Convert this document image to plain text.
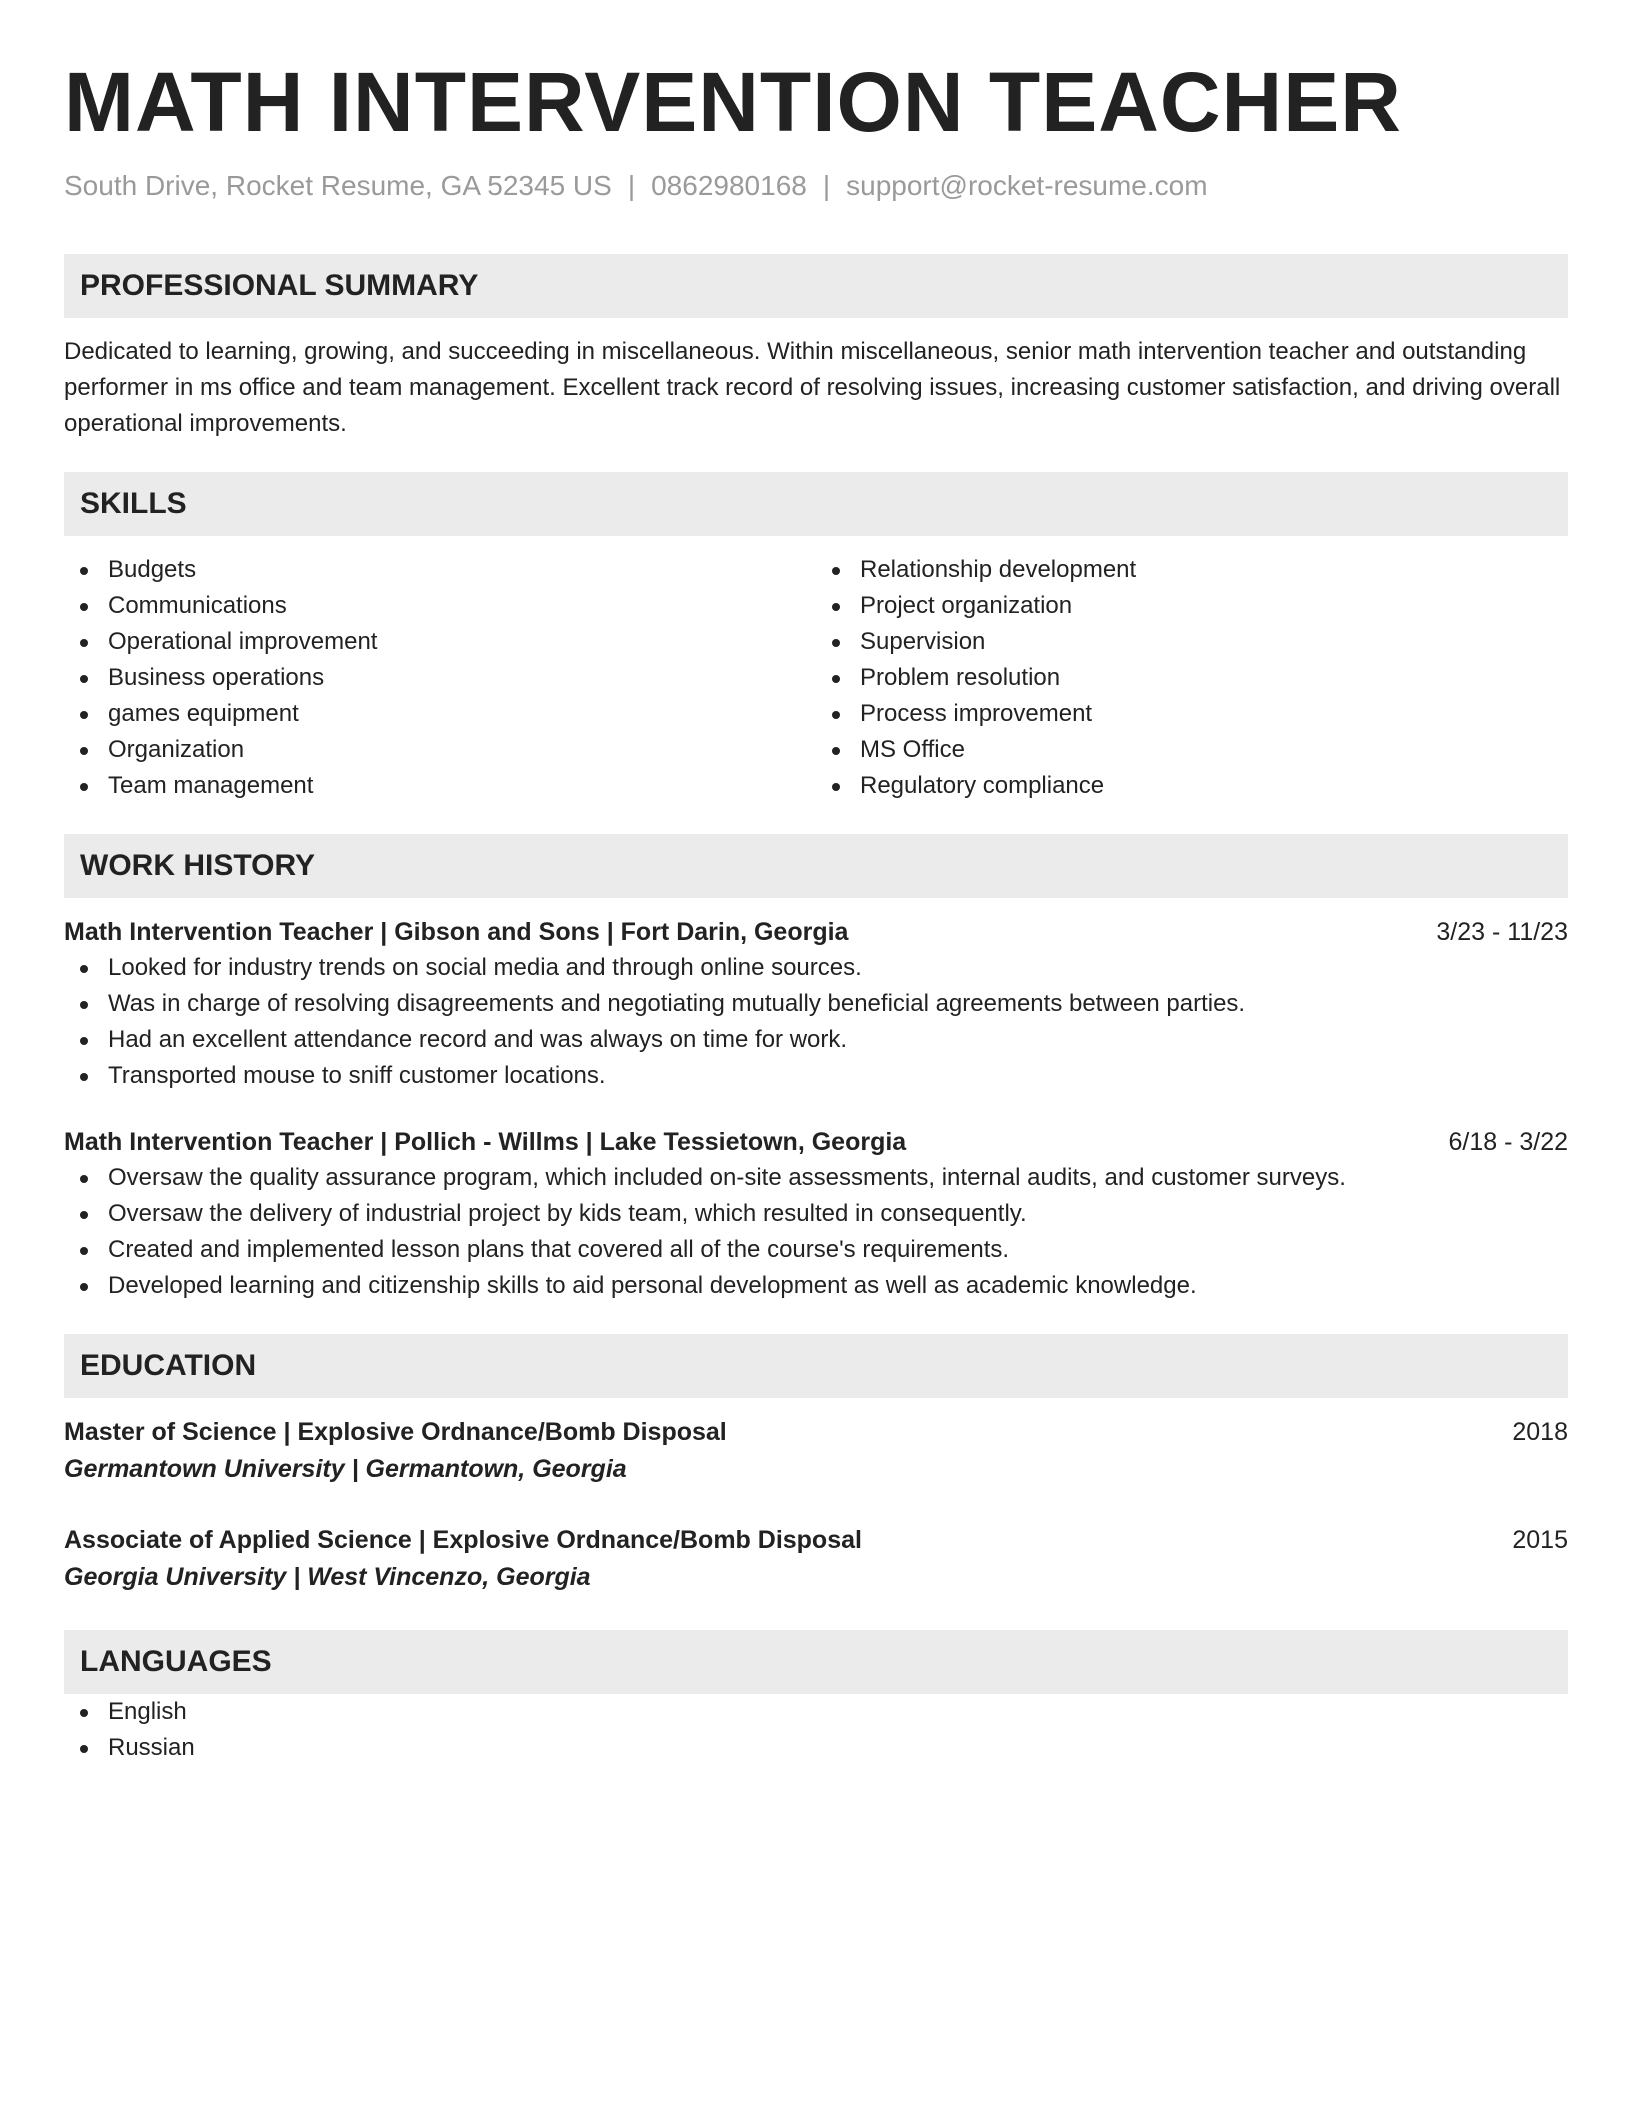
MATH INTERVENTION TEACHER
South Drive, Rocket Resume, GA 52345 US | 0862980168 | support@rocket-resume.com
PROFESSIONAL SUMMARY
Dedicated to learning, growing, and succeeding in miscellaneous. Within miscellaneous, senior math intervention teacher and outstanding performer in ms office and team management. Excellent track record of resolving issues, increasing customer satisfaction, and driving overall operational improvements.
SKILLS
Budgets
Communications
Operational improvement
Business operations
games equipment
Organization
Team management
Relationship development
Project organization
Supervision
Problem resolution
Process improvement
MS Office
Regulatory compliance
WORK HISTORY
Math Intervention Teacher | Gibson and Sons | Fort Darin, Georgia	3/23 - 11/23
Looked for industry trends on social media and through online sources.
Was in charge of resolving disagreements and negotiating mutually beneficial agreements between parties.
Had an excellent attendance record and was always on time for work.
Transported mouse to sniff customer locations.
Math Intervention Teacher | Pollich - Willms | Lake Tessietown, Georgia	6/18 - 3/22
Oversaw the quality assurance program, which included on-site assessments, internal audits, and customer surveys.
Oversaw the delivery of industrial project by kids team, which resulted in consequently.
Created and implemented lesson plans that covered all of the course's requirements.
Developed learning and citizenship skills to aid personal development as well as academic knowledge.
EDUCATION
Master of Science | Explosive Ordnance/Bomb Disposal	2018
Germantown University | Germantown, Georgia
Associate of Applied Science | Explosive Ordnance/Bomb Disposal	2015
Georgia University | West Vincenzo, Georgia
LANGUAGES
English
Russian
